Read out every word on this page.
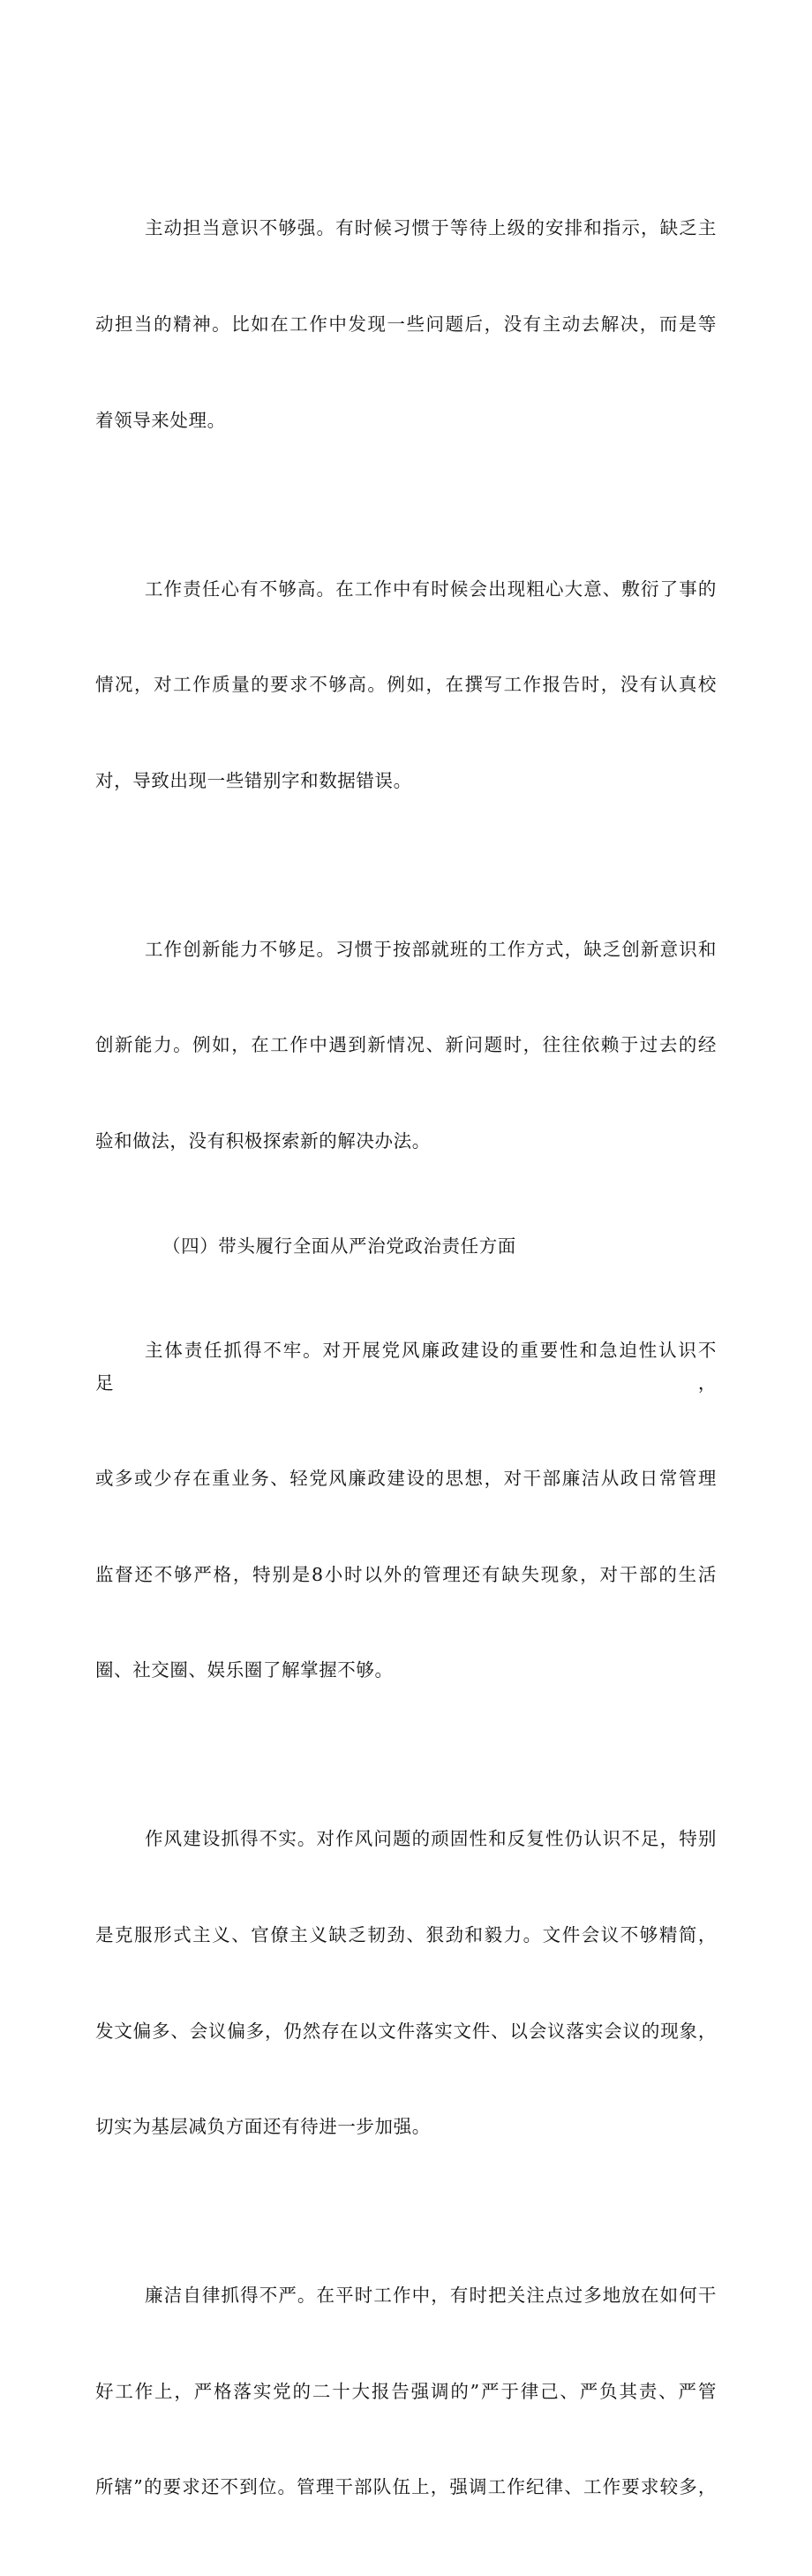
主动担当意识不够强。有时候习惯于等待上级的安排和指示，缺乏主

动担当的精神。比如在工作中发现一些问题后，没有主动去解决，而是等

着领导来处理。

工作责任心有不够高。在工作中有时候会出现粗心大意、敷衍了事的

情况，对工作质量的要求不够高。例如，在撰写工作报告时，没有认真校

对，导致出现一些错别字和数据错误。

工作创新能力不够足。习惯于按部就班的工作方式，缺乏创新意识和

创新能力。例如，在工作中遇到新情况、新问题时，往往依赖于过去的经

验和做法，没有积极探索新的解决办法。

（四）带头履行全面从严治党政治责任方面

主体责任抓得不牢。对开展党风廉政建设的重要性和急迫性认识不足，

或多或少存在重业务、轻党风廉政建设的思想，对干部廉洁从政日常管理

监督还不够严格，特别是8小时以外的管理还有缺失现象，对干部的生活

圈、社交圈、娱乐圈了解掌握不够。

作风建设抓得不实。对作风问题的顽固性和反复性仍认识不足，特别

是克服形式主义、官僚主义缺乏韧劲、狠劲和毅力。文件会议不够精简，

发文偏多、会议偏多，仍然存在以文件落实文件、以会议落实会议的现象，

切实为基层减负方面还有待进一步加强。

廉洁自律抓得不严。在平时工作中，有时把关注点过多地放在如何干

好工作上，严格落实党的二十大报告强调的”严于律己、严负其责、严管

所辖”的要求还不到位。管理干部队伍上，强调工作纪律、工作要求较多，
